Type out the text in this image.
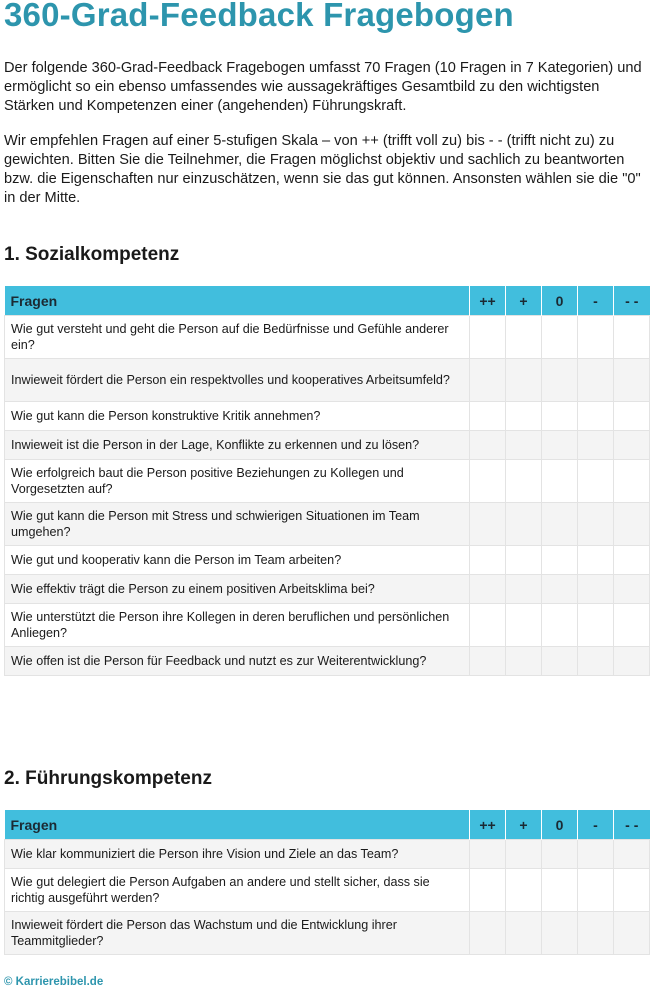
360-Grad-Feedback Fragebogen

Der folgende 360-Grad-Feedback Fragebogen umfasst 70 Fragen (10 Fragen in 7 Kategorien) und ermöglicht so ein ebenso umfassendes wie aussagekräftiges Gesamtbild zu den wichtigsten Stärken und Kompetenzen einer (angehenden) Führungskraft.

Wir empfehlen Fragen auf einer 5-stufigen Skala – von ++ (trifft voll zu) bis - - (trifft nicht zu) zu gewichten. Bitten Sie die Teilnehmer, die Fragen möglichst objektiv und sachlich zu beantworten bzw. die Eigenschaften nur einzuschätzen, wenn sie das gut können. Ansonsten wählen sie die "0" in der Mitte.

1. Sozialkompetenz
Fragen	++	+	0	-	- -
Wie gut versteht und geht die Person auf die Bedürfnisse und Gefühle anderer ein?					
Inwieweit fördert die Person ein respektvolles und kooperatives Arbeitsumfeld?					
Wie gut kann die Person konstruktive Kritik annehmen?					
Inwieweit ist die Person in der Lage, Konflikte zu erkennen und zu lösen?					
Wie erfolgreich baut die Person positive Beziehungen zu Kollegen und Vorgesetzten auf?					
Wie gut kann die Person mit Stress und schwierigen Situationen im Team umgehen?					
Wie gut und kooperativ kann die Person im Team arbeiten?					
Wie effektiv trägt die Person zu einem positiven Arbeitsklima bei?					
Wie unterstützt die Person ihre Kollegen in deren beruflichen und persönlichen Anliegen?					
Wie offen ist die Person für Feedback und nutzt es zur Weiterentwicklung?					
2. Führungskompetenz
Fragen	++	+	0	-	- -
Wie klar kommuniziert die Person ihre Vision und Ziele an das Team?					
Wie gut delegiert die Person Aufgaben an andere und stellt sicher, dass sie richtig ausgeführt werden?					
Inwieweit fördert die Person das Wachstum und die Entwicklung ihrer Teammitglieder?					

© Karrierebibel.de
